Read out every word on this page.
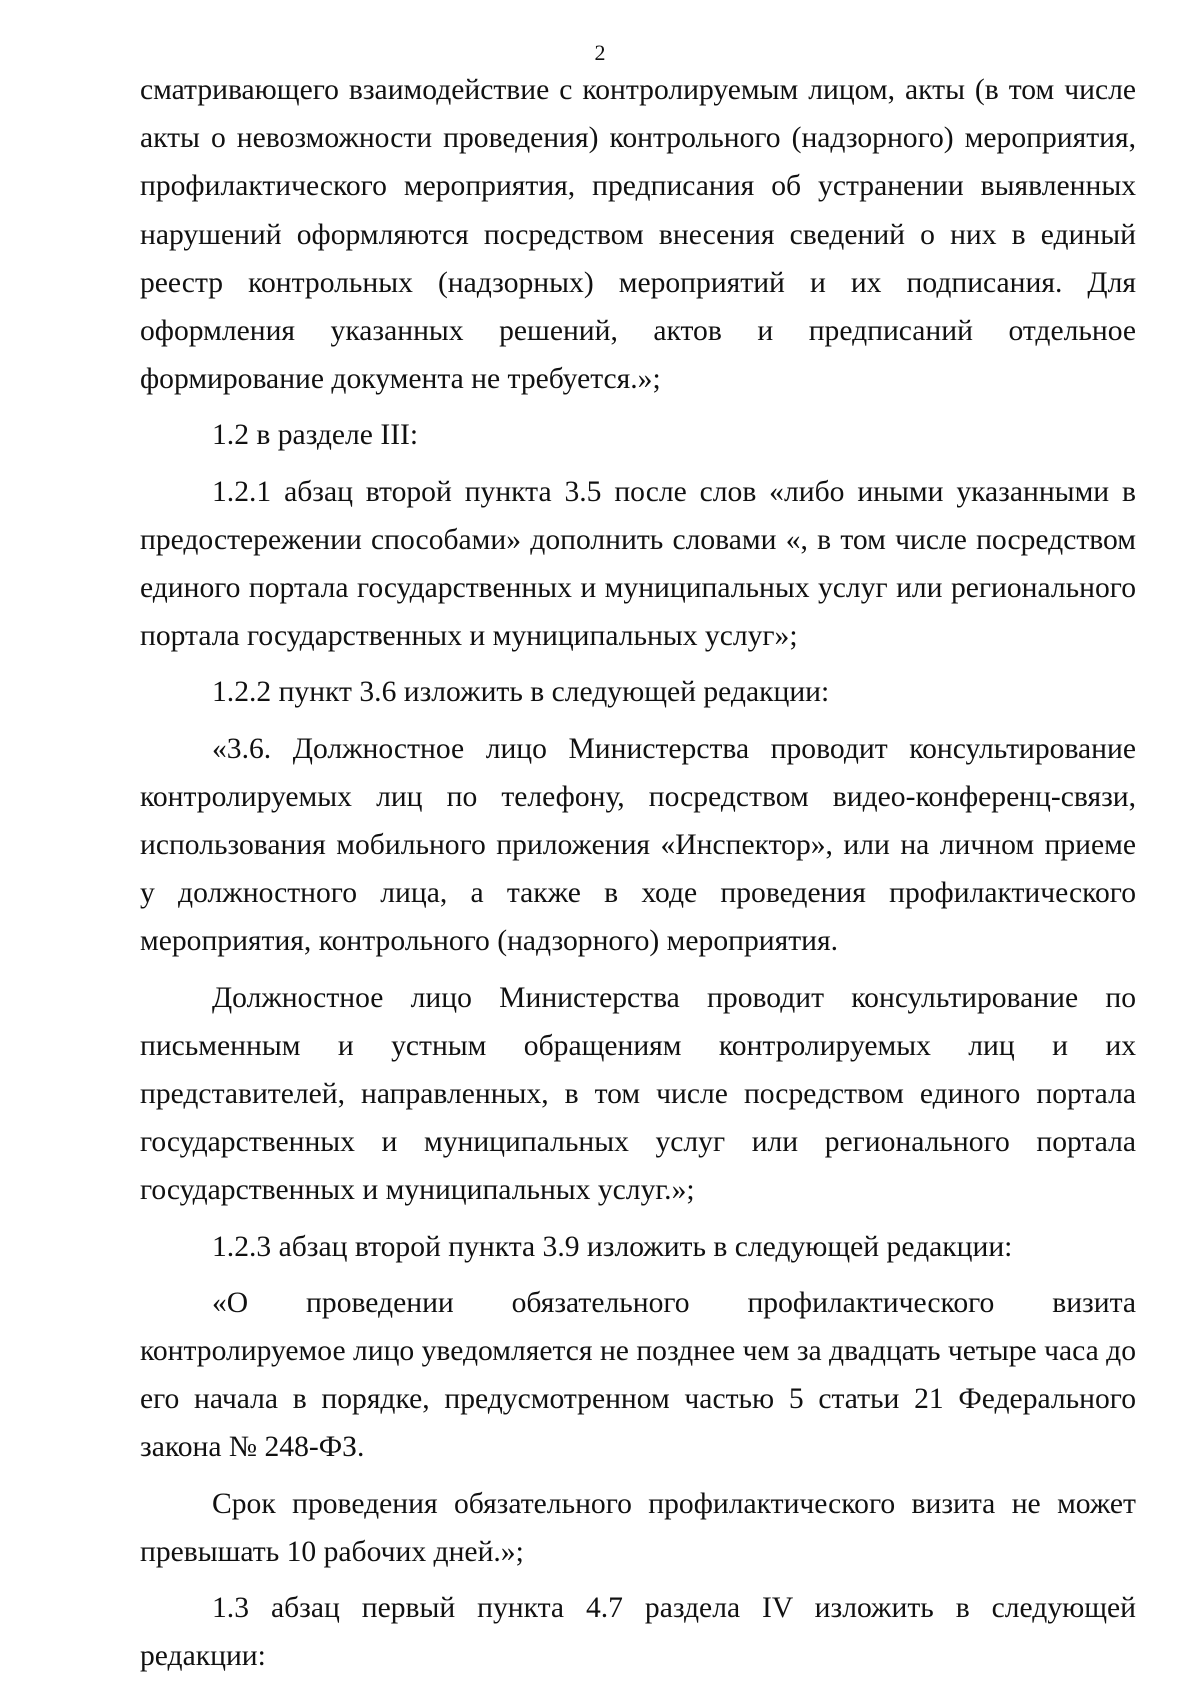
2

сматривающего взаимодействие с контролируемым лицом, акты (в том числе акты о невозможности проведения) контрольного (надзорного) мероприятия, профилактического мероприятия, предписания об устранении выявленных нарушений оформляются посредством внесения сведений о них в единый реестр контрольных (надзорных) мероприятий и их подписания. Для оформления указанных решений, актов и предписаний отдельное формирование документа не требуется.»;

1.2 в разделе III:

1.2.1 абзац второй пункта 3.5 после слов «либо иными указанными в предостережении способами» дополнить словами «, в том числе посредством единого портала государственных и муниципальных услуг или регионального портала государственных и муниципальных услуг»;

1.2.2 пункт 3.6 изложить в следующей редакции:

«3.6. Должностное лицо Министерства проводит консультирование контролируемых лиц по телефону, посредством видео-конференц-связи, использования мобильного приложения «Инспектор», или на личном приеме у должностного лица, а также в ходе проведения профилактического мероприятия, контрольного (надзорного) мероприятия.

Должностное лицо Министерства проводит консультирование по письменным и устным обращениям контролируемых лиц и их представителей, направленных, в том числе посредством единого портала государственных и муниципальных услуг или регионального портала государственных и муниципальных услуг.»;

1.2.3 абзац второй пункта 3.9 изложить в следующей редакции:

«О проведении обязательного профилактического визита контролируемое лицо уведомляется не позднее чем за двадцать четыре часа до его начала в порядке, предусмотренном частью 5 статьи 21 Федерального закона № 248-ФЗ.

Срок проведения обязательного профилактического визита не может превышать 10 рабочих дней.»;

1.3 абзац первый пункта 4.7 раздела IV изложить в следующей редакции:
